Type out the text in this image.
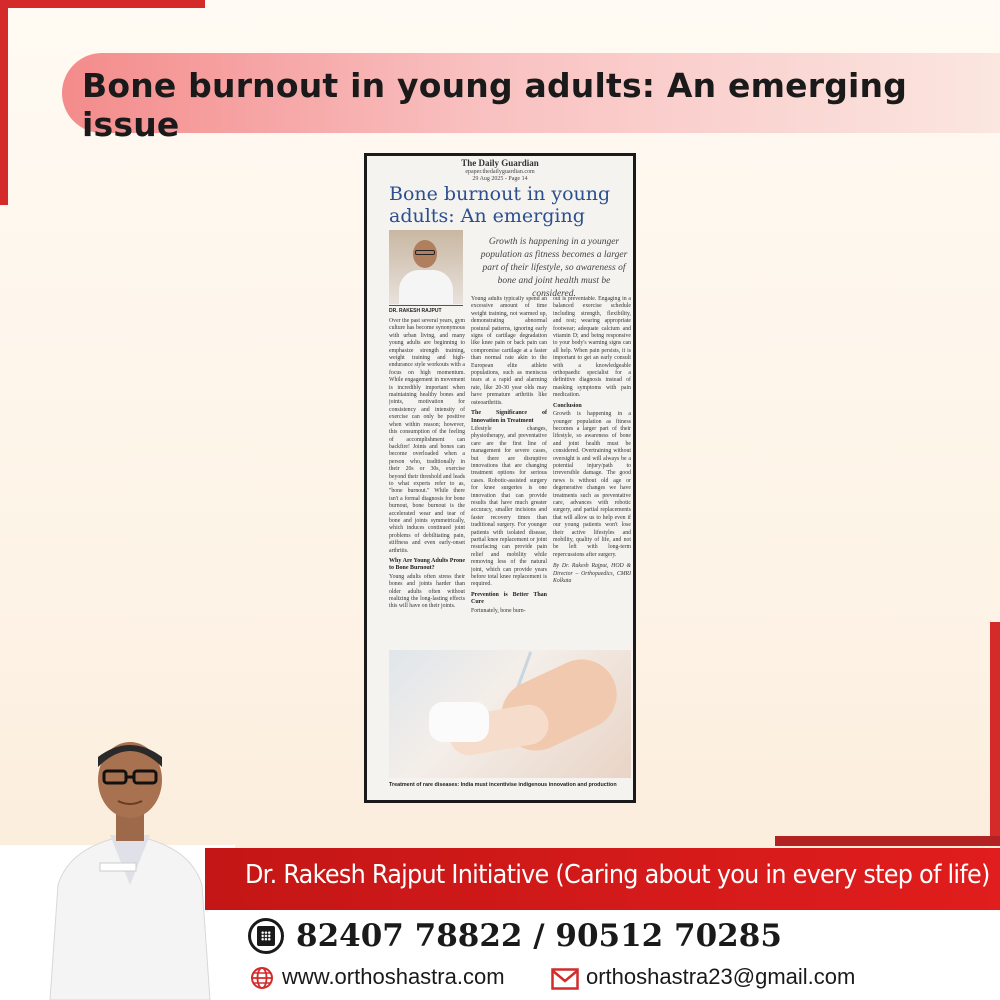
Bone burnout in young adults: An emerging issue
The Daily Guardian
epaper.thedailyguardian.com
29 Aug 2025 - Page 14
Bone burnout in young adults: An emerging
DR. RAKESH RAJPUT
Growth is happening in a younger population as fitness becomes a larger part of their lifestyle, so awareness of bone and joint health must be considered.
Over the past several years, gym culture has become synonymous with urban living, and many young adults are beginning to emphasize strength training, weight training and high-endurance style workouts with a focus on high momentum. While engagement in movement is incredibly important when maintaining healthy bones and joints, motivation for consistency and intensity of exercise can only be positive when within reason; however, this consumption of the feeling of accomplishment can backfire! Joints and bones can become overloaded when a person who, traditionally in their 20s or 30s, exercise beyond their threshold and leads to what experts refer to as, "bone burnout." While there isn't a formal diagnosis for bone burnout, bone burnout is the accelerated wear and tear of bone and joints symmetrically, which induces continued joint problems of debilitating pain, stiffness and even early-onset arthritis.
Why Are Young Adults Prone to Bone Burnout?
Young adults often stress their bones and joints harder than older adults often without realizing the long-lasting effects this will have on their joints.
Young adults typically spend an excessive amount of time weight training, not warmed up, demonstrating abnormal postural patterns, ignoring early signs of cartilage degradation like knee pain or back pain can compromise cartilage at a faster than normal rate akin to the European elite athlete populations, such as meniscus tears at a rapid and alarming rate, like 20-30 year olds may have premature arthritis like osteoarthritis.
The Significance of Innovation in Treatment
Lifestyle changes, physiotherapy, and preventative care are the first line of management for severe cases, but there are disruptive innovations that are changing treatment options for serious cases. Robotic-assisted surgery for knee surgeries is one innovation that can provide results that have much greater accuracy, smaller incisions and faster recovery times than traditional surgery. For younger patients with isolated disease, partial knee replacement or joint resurfacing can provide pain relief and mobility while removing less of the natural joint, which can provide years before total knee replacement is required.
Prevention is Better Than Cure
Fortunately, bone burn-
out is preventable. Engaging in a balanced exercise schedule including strength, flexibility, and rest; wearing appropriate footwear; adequate calcium and vitamin D; and being responsive to your body's warning signs can all help. When pain persists, it is important to get an early consult with a knowledgeable orthopaedic specialist for a definitive diagnosis instead of masking symptoms with pain medication.
Conclusion
Growth is happening in a younger population as fitness becomes a larger part of their lifestyle, so awareness of bone and joint health must be considered. Overtraining without oversight is and will always be a potential injury/path to irreversible damage. The good news is without old age or degenerative changes we have treatments such as preventative care, advances with robotic surgery, and partial replacements that will allow us to help even if our young patients won't lose their active lifestyles and mobility, quality of life, and not be left with long-term repercussions after surgery.
By Dr. Rakesh Rajput, HOD & Director – Orthopaedics, CMRI Kolkata
Treatment of rare diseases: India must incentivise indigenous innovation and production
Dr. Rakesh Rajput Initiative (Caring about you in every step of life)
82407 78822 / 90512 70285
www.orthoshastra.com	orthoshastra23@gmail.com
